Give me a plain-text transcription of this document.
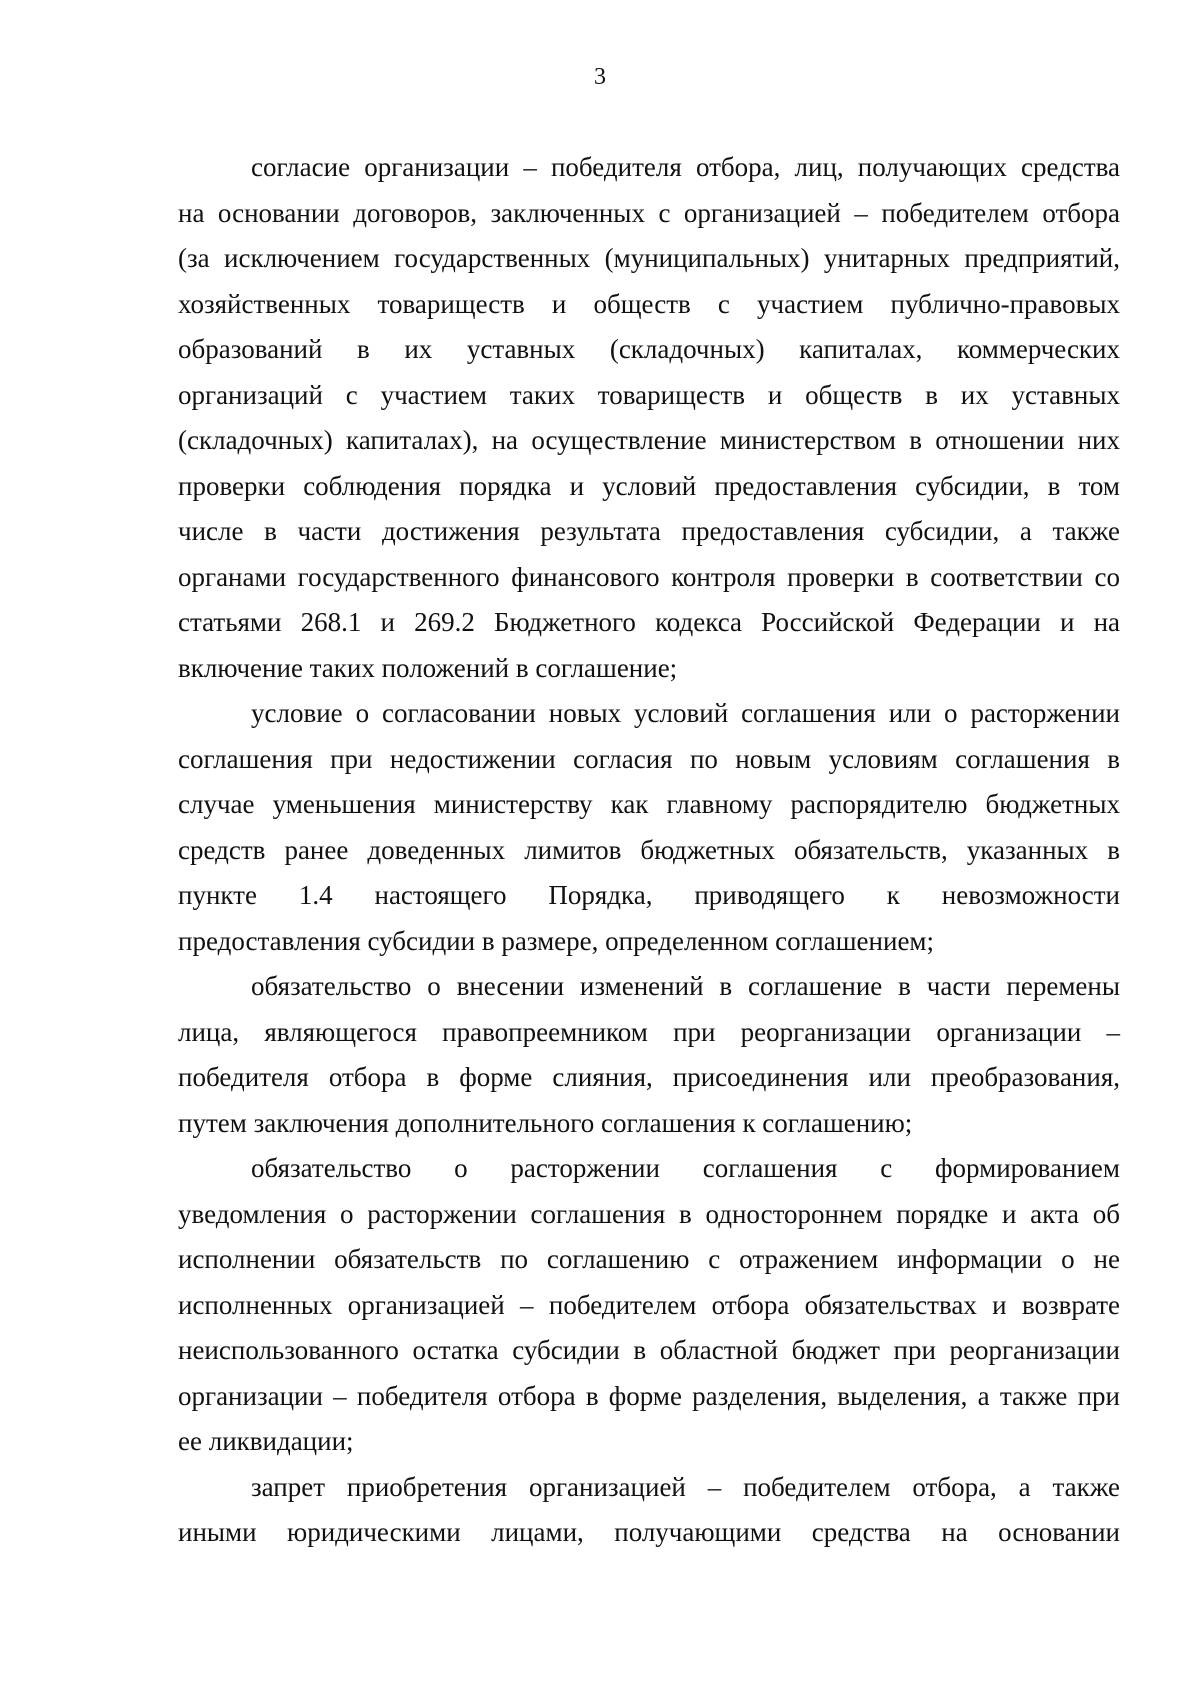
3

согласие организации – победителя отбора, лиц, получающих средства
на основании договоров, заключенных с организацией – победителем отбора
(за исключением государственных (муниципальных) унитарных предприятий,
хозяйственных товариществ и обществ с участием публично-правовых
образований в их уставных (складочных) капиталах, коммерческих
организаций с участием таких товариществ и обществ в их уставных
(складочных) капиталах), на осуществление министерством в отношении них
проверки соблюдения порядка и условий предоставления субсидии, в том
числе в части достижения результата предоставления субсидии, а также
органами государственного финансового контроля проверки в соответствии со
статьями 268.1 и 269.2 Бюджетного кодекса Российской Федерации и на
включение таких положений в соглашение;

условие о согласовании новых условий соглашения или о расторжении
соглашения при недостижении согласия по новым условиям соглашения в
случае уменьшения министерству как главному распорядителю бюджетных
средств ранее доведенных лимитов бюджетных обязательств, указанных в
пункте 1.4 настоящего Порядка, приводящего к невозможности
предоставления субсидии в размере, определенном соглашением;

обязательство о внесении изменений в соглашение в части перемены
лица, являющегося правопреемником при реорганизации организации –
победителя отбора в форме слияния, присоединения или преобразования,
путем заключения дополнительного соглашения к соглашению;

обязательство о расторжении соглашения с формированием
уведомления о расторжении соглашения в одностороннем порядке и акта об
исполнении обязательств по соглашению с отражением информации о не
исполненных организацией – победителем отбора обязательствах и возврате
неиспользованного остатка субсидии в областной бюджет при реорганизации
организации – победителя отбора в форме разделения, выделения, а также при
ее ликвидации;

запрет приобретения организацией – победителем отбора, а также
иными юридическими лицами, получающими средства на основании
